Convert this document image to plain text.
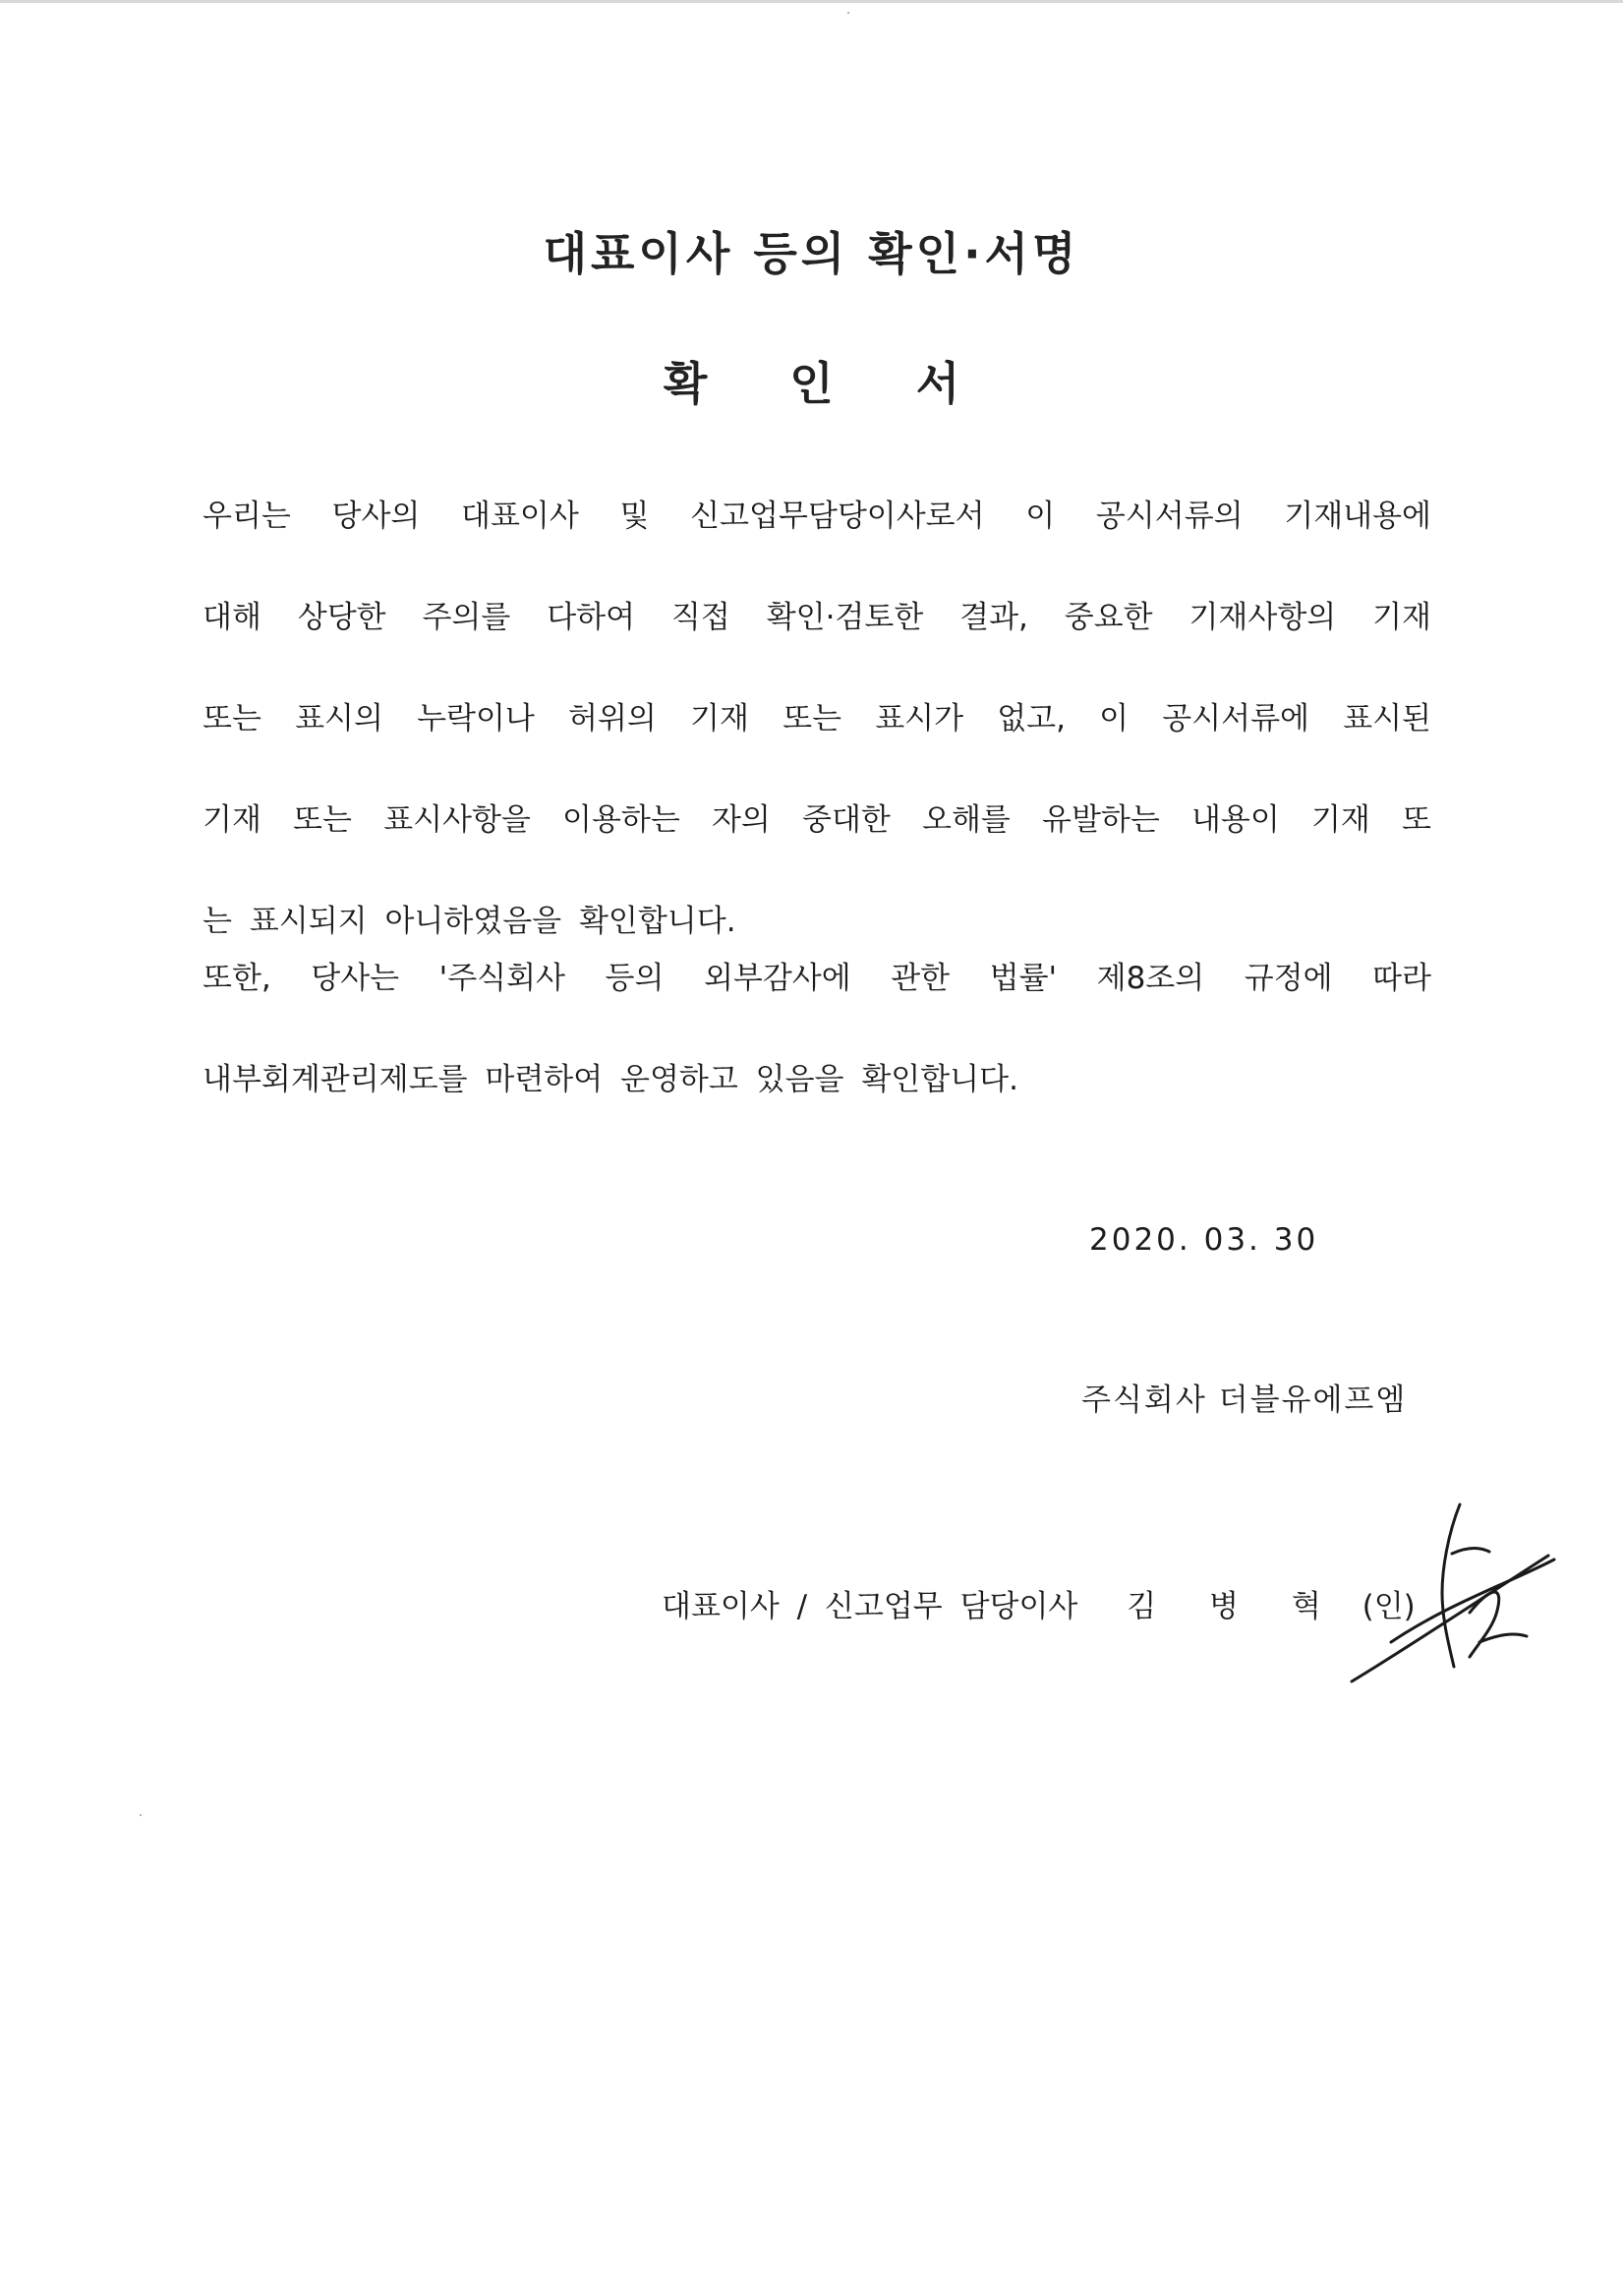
대표이사 등의 확인·서명
확 인 서
우리는 당사의 대표이사 및 신고업무담당이사로서 이 공시서류의 기재내용에
대해 상당한 주의를 다하여 직접 확인·검토한 결과, 중요한 기재사항의 기재
또는 표시의 누락이나 허위의 기재 또는 표시가 없고, 이 공시서류에 표시된
기재 또는 표시사항을 이용하는 자의 중대한 오해를 유발하는 내용이 기재 또
는 표시되지 아니하였음을 확인합니다.
또한, 당사는 '주식회사 등의 외부감사에 관한 법률' 제8조의 규정에 따라
내부회계관리제도를 마련하여 운영하고 있음을 확인합니다.
2020. 03. 30
주식회사 더블유에프엠
대표이사 / 신고업무 담당이사 김 병 혁 (인)
